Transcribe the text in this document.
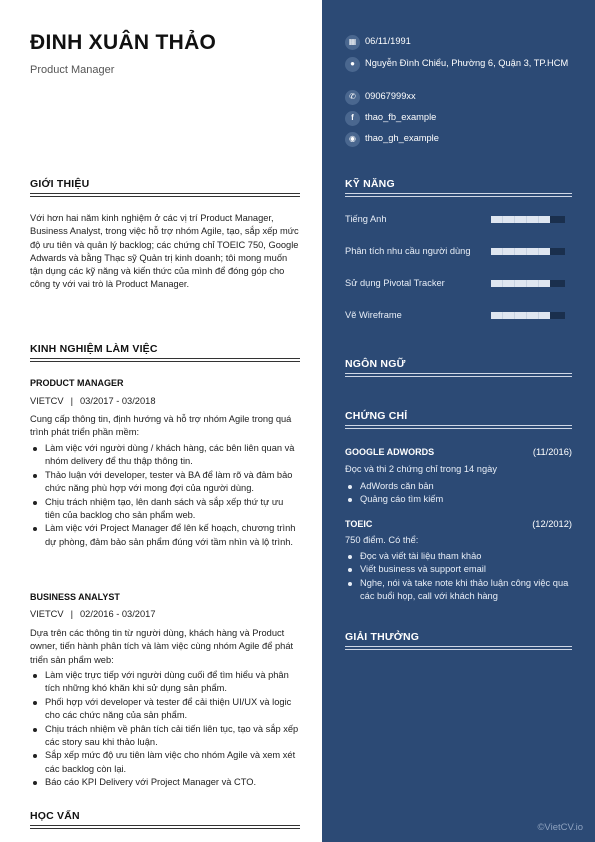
ĐINH XUÂN THẢO
Product Manager
▦ 06/11/1991
●	Nguyễn Đình Chiểu, Phường 6, Quận 3, TP.HCM
✆ 09067999xx
f	thao_fb_example
◉ thao_gh_example
GIỚI THIỆU
Với hơn hai năm kinh nghiệm ở các vị trí Product Manager, Business Analyst, trong việc hỗ trợ nhóm Agile, tạo, sắp xếp mức độ ưu tiên và quản lý backlog; các chứng chỉ TOEIC 750, Google Adwards và bằng Thạc sỹ Quản trị kinh doanh; tôi mong muốn tận dụng các kỹ năng và kiến thức của mình để đóng góp cho công ty với vai trò là Product Manager.
KINH NGHIỆM LÀM VIỆC
PRODUCT MANAGER
VIETCV | 03/2017 - 03/2018
Cung cấp thông tin, định hướng và hỗ trợ nhóm Agile trong quá trình phát triển phần mềm:
Làm việc với người dùng / khách hàng, các bên liên quan và nhóm delivery để thu thập thông tin.
Thảo luận với developer, tester và BA để làm rõ và đảm bảo chức năng phù hợp với mong đợi của người dùng.
Chịu trách nhiệm tạo, lên danh sách và sắp xếp thứ tự ưu tiên của backlog cho sản phẩm web.
Làm việc với Project Manager để lên kế hoạch, chương trình dự phòng, đảm bảo sản phẩm đúng với tầm nhìn và lộ trình.
BUSINESS ANALYST
VIETCV | 02/2016 - 03/2017
Dựa trên các thông tin từ người dùng, khách hàng và Product owner, tiến hành phân tích và làm việc cùng nhóm Agile để phát triển sản phẩm web:
Làm việc trực tiếp với người dùng cuối để tìm hiểu và phân tích những khó khăn khi sử dụng sản phẩm.
Phối hợp với developer và tester để cải thiện UI/UX và logic cho các chức năng của sản phẩm.
Chịu trách nhiệm về phân tích cải tiến liên tục, tạo và sắp xếp các story sau khi thảo luận.
Sắp xếp mức độ ưu tiên làm việc cho nhóm Agile và xem xét các backlog còn lại.
Báo cáo KPI Delivery với Project Manager và CTO.
HỌC VẤN
KỸ NĂNG
Tiếng Anh
Phân tích nhu cầu người dùng
Sử dụng Pivotal Tracker
Vẽ Wireframe
NGÔN NGỮ
CHỨNG CHỈ
GOOGLE ADWORDS	(11/2016)
Đọc và thi 2 chứng chỉ trong 14 ngày
AdWords căn bản
Quảng cáo tìm kiếm
TOEIC	(12/2012)
750 điểm. Có thể:
Đọc và viết tài liệu tham khảo
Viết business và support email
Nghe, nói và take note khi thảo luận công việc qua các buổi họp, call với khách hàng
GIẢI THƯỞNG
©VietCV.io
